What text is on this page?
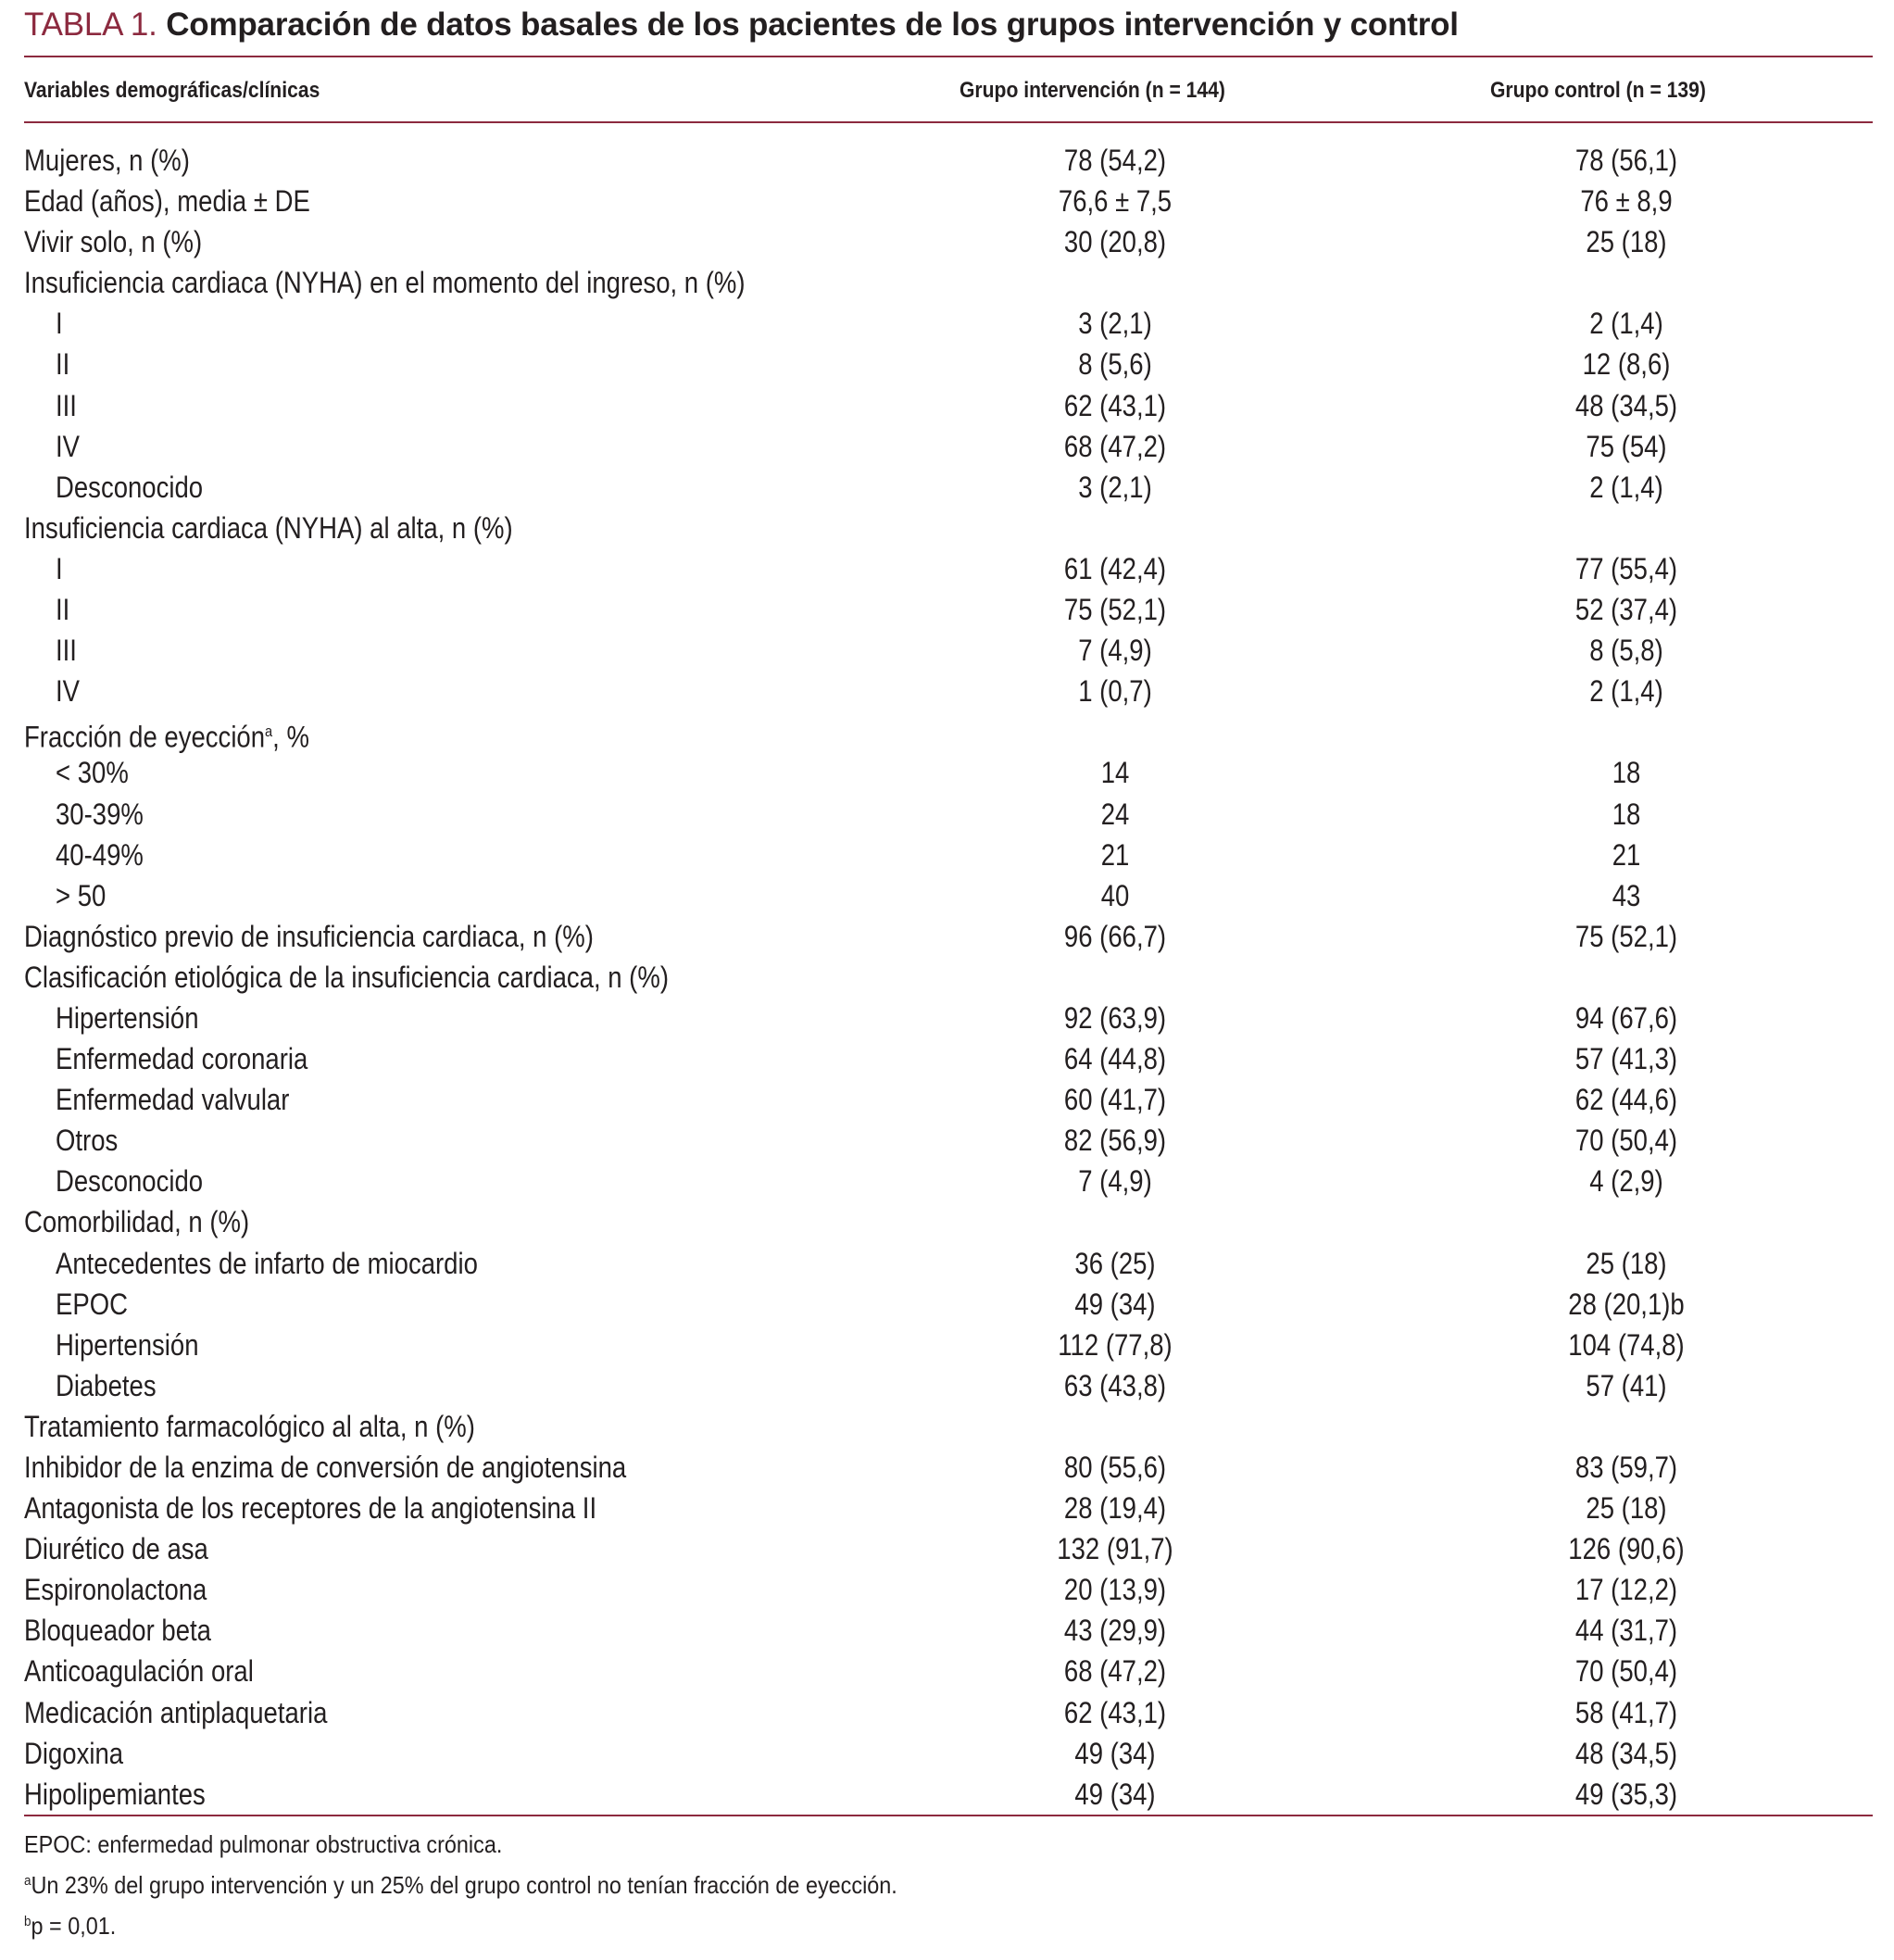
TABLA 1. Comparación de datos basales de los pacientes de los grupos intervención y control
Variables demográficas/clínicas	Grupo intervención (n = 144)	Grupo control (n = 139)
Mujeres, n (%)	78 (54,2)	78 (56,1)
Edad (años), media ± DE	76,6 ± 7,5	76 ± 8,9
Vivir solo, n (%)	30 (20,8)	25 (18)
Insuficiencia cardiaca (NYHA) en el momento del ingreso, n (%)
I	3 (2,1)	2 (1,4)
II	8 (5,6)	12 (8,6)
III	62 (43,1)	48 (34,5)
IV	68 (47,2)	75 (54)
Desconocido	3 (2,1)	2 (1,4)
Insuficiencia cardiaca (NYHA) al alta, n (%)
I	61 (42,4)	77 (55,4)
II	75 (52,1)	52 (37,4)
III	7 (4,9)	8 (5,8)
IV	1 (0,7)	2 (1,4)
Fracción de eyección$^a$, %
< 30%	14	18
30-39%	24	18
40-49%	21	21
> 50	40	43
Diagnóstico previo de insuficiencia cardiaca, n (%)	96 (66,7)	75 (52,1)
Clasificación etiológica de la insuficiencia cardiaca, n (%)
Hipertensión	92 (63,9)	94 (67,6)
Enfermedad coronaria	64 (44,8)	57 (41,3)
Enfermedad valvular	60 (41,7)	62 (44,6)
Otros	82 (56,9)	70 (50,4)
Desconocido	7 (4,9)	4 (2,9)
Comorbilidad, n (%)
Antecedentes de infarto de miocardio	36 (25)	25 (18)
EPOC	49 (34)	28 (20,1)b
Hipertensión	112 (77,8)	104 (74,8)
Diabetes	63 (43,8)	57 (41)
Tratamiento farmacológico al alta, n (%)
Inhibidor de la enzima de conversión de angiotensina	80 (55,6)	83 (59,7)
Antagonista de los receptores de la angiotensina II	28 (19,4)	25 (18)
Diurético de asa	132 (91,7)	126 (90,6)
Espironolactona	20 (13,9)	17 (12,2)
Bloqueador beta	43 (29,9)	44 (31,7)
Anticoagulación oral	68 (47,2)	70 (50,4)
Medicación antiplaquetaria	62 (43,1)	58 (41,7)
Digoxina	49 (34)	48 (34,5)
Hipolipemiantes	49 (34)	49 (35,3)
EPOC: enfermedad pulmonar obstructiva crónica.
$^a$Un 23% del grupo intervención y un 25% del grupo control no tenían fracción de eyección.
$^b$p = 0,01.
